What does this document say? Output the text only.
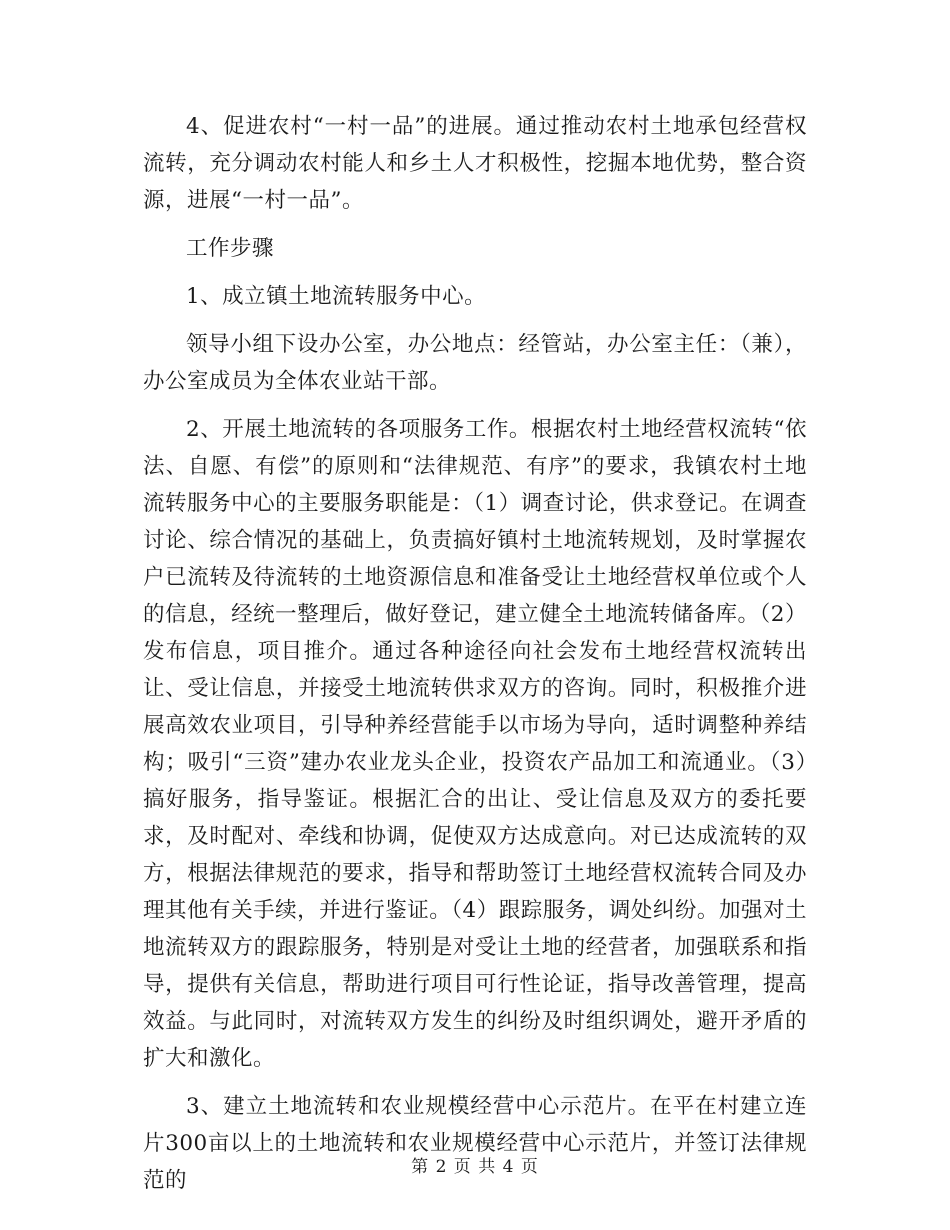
4、促进农村“一村一品”的进展。通过推动农村土地承包经营权流转，充分调动农村能人和乡土人才积极性，挖掘本地优势，整合资源，进展“一村一品”。

工作步骤

1、成立镇土地流转服务中心。

领导小组下设办公室，办公地点：经管站，办公室主任：（兼），办公室成员为全体农业站干部。

2、开展土地流转的各项服务工作。根据农村土地经营权流转“依法、自愿、有偿”的原则和“法律规范、有序”的要求，我镇农村土地流转服务中心的主要服务职能是：（1）调查讨论，供求登记。在调查讨论、综合情况的基础上，负责搞好镇村土地流转规划，及时掌握农户已流转及待流转的土地资源信息和准备受让土地经营权单位或个人的信息，经统一整理后，做好登记，建立健全土地流转储备库。（2）发布信息，项目推介。通过各种途径向社会发布土地经营权流转出让、受让信息，并接受土地流转供求双方的咨询。同时，积极推介进展高效农业项目，引导种养经营能手以市场为导向，适时调整种养结构；吸引“三资”建办农业龙头企业，投资农产品加工和流通业。（3）搞好服务，指导鉴证。根据汇合的出让、受让信息及双方的委托要求，及时配对、牵线和协调，促使双方达成意向。对已达成流转的双方，根据法律规范的要求，指导和帮助签订土地经营权流转合同及办理其他有关手续，并进行鉴证。（4）跟踪服务，调处纠纷。加强对土地流转双方的跟踪服务，特别是对受让土地的经营者，加强联系和指导，提供有关信息，帮助进行项目可行性论证，指导改善管理，提高效益。与此同时，对流转双方发生的纠纷及时组织调处，避开矛盾的扩大和激化。

3、建立土地流转和农业规模经营中心示范片。在平在村建立连片300亩以上的土地流转和农业规模经营中心示范片，并签订法律规范的

第 2 页 共 4 页
